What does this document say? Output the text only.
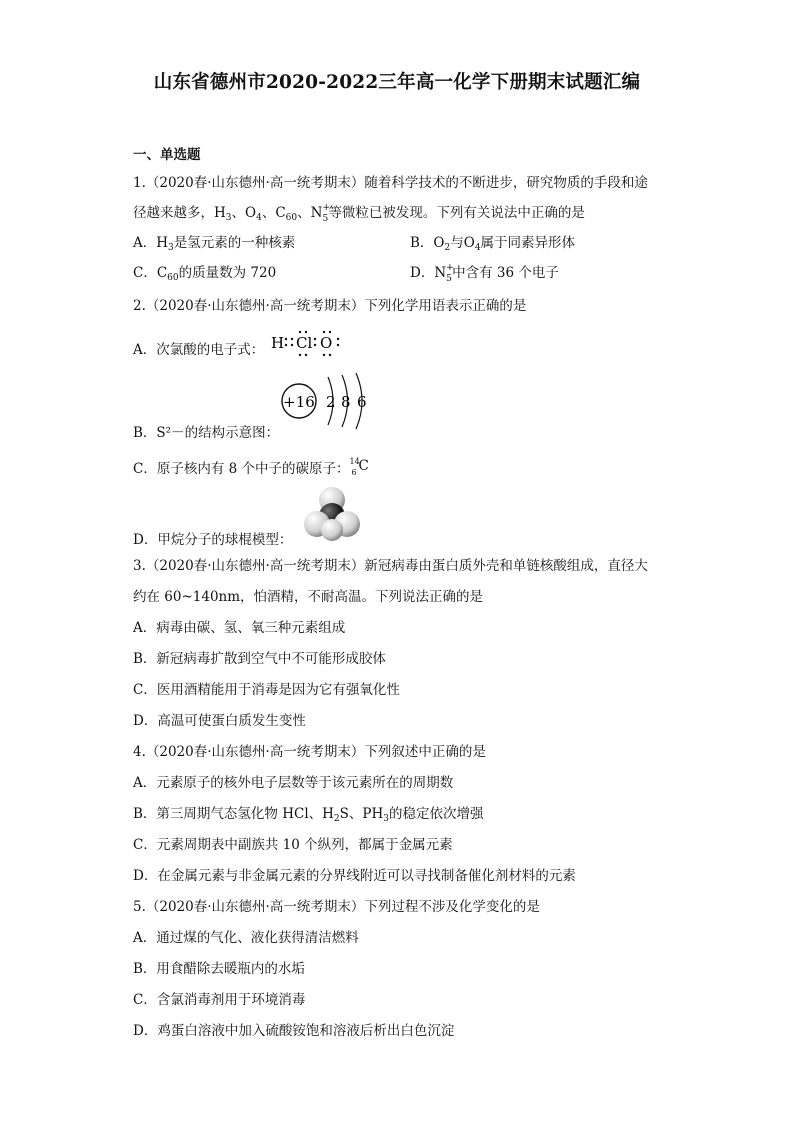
山东省德州市2020-2022三年高一化学下册期末试题汇编
一、单选题
1.（2020春·山东德州·高一统考期末）随着科学技术的不断进步，研究物质的手段和途
径越来越多，$H_3$、$O_4$、$C_{60}$、N +
5 等微粒已被发现。下列有关说法中正确的是
A．$H_3$是氢元素的一种核素	B．$O_2$与$O_4$属于同素异形体
C．$C_{60}$的质量数为 720	D．N +
5 中含有 36 个电子
2.（2020春·山东德州·高一统考期末）下列化学用语表示正确的是
A．次氯酸的电子式： H Cl O
+16 2 8 6
B．S²－的结构示意图：
C．原子核内有 8 个中子的碳原子： 14
6 C
D．甲烷分子的球棍模型：
3.（2020春·山东德州·高一统考期末）新冠病毒由蛋白质外壳和单链核酸组成，直径大
约在 60~140nm，怕酒精，不耐高温。下列说法正确的是
A．病毒由碳、氢、氧三种元素组成
B．新冠病毒扩散到空气中不可能形成胶体
C．医用酒精能用于消毒是因为它有强氧化性
D．高温可使蛋白质发生变性
4.（2020春·山东德州·高一统考期末）下列叙述中正确的是
A．元素原子的核外电子层数等于该元素所在的周期数
B．第三周期气态氢化物 HCl、$H_2S$、$PH_3$的稳定依次增强
C．元素周期表中副族共 10 个纵列，都属于金属元素
D．在金属元素与非金属元素的分界线附近可以寻找制备催化剂材料的元素
5.（2020春·山东德州·高一统考期末）下列过程不涉及化学变化的是
A．通过煤的气化、液化获得清洁燃料
B．用食醋除去暖瓶内的水垢
C．含氯消毒剂用于环境消毒
D．鸡蛋白溶液中加入硫酸铵饱和溶液后析出白色沉淀
